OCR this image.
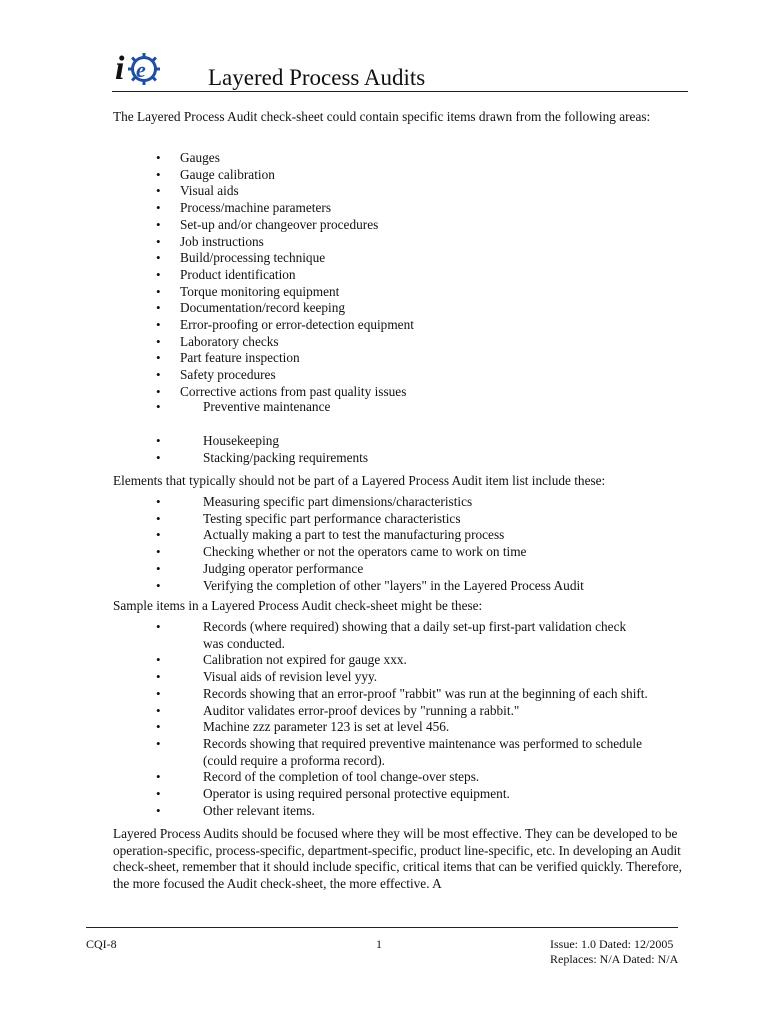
e
i	Layered Process Audits

The Layered Process Audit check-sheet could contain specific items drawn from the following areas:

• Gauges
• Gauge calibration
• Visual aids
• Process/machine parameters
• Set-up and/or changeover procedures
• Job instructions
• Build/processing technique
• Product identification
• Torque monitoring equipment
• Documentation/record keeping
• Error-proofing or error-detection equipment
• Laboratory checks
• Part feature inspection
• Safety procedures
• Corrective actions from past quality issues
•	Preventive maintenance
•	Housekeeping
•	Stacking/packing requirements

Elements that typically should not be part of a Layered Process Audit item list include these:

•	Measuring specific part dimensions/characteristics
•	Testing specific part performance characteristics
•	Actually making a part to test the manufacturing process
•	Checking whether or not the operators came to work on time
•	Judging operator performance
•	Verifying the completion of other "layers" in the Layered Process Audit

Sample items in a Layered Process Audit check-sheet might be these:

•	Records (where required) showing that a daily set-up first-part validation check
was conducted.
•	Calibration not expired for gauge xxx.
•	Visual aids of revision level yyy.
•	Records showing that an error-proof "rabbit" was run at the beginning of each shift.
•	Auditor validates error-proof devices by "running a rabbit."
•	Machine zzz parameter 123 is set at level 456.
•	Records showing that required preventive maintenance was performed to schedule
(could require a proforma record).
•	Record of the completion of tool change-over steps.
•	Operator is using required personal protective equipment.
•	Other relevant items.

Layered Process Audits should be focused where they will be most effective. They can be developed to be operation-specific, process-specific, department-specific, product line-specific, etc. In developing an Audit check-sheet, remember that it should include specific, critical items that can be verified quickly. Therefore, the more focused the Audit check-sheet, the more effective. A

CQI-8	1	Issue: 1.0 Dated: 12/2005
Replaces: N/A Dated: N/A
